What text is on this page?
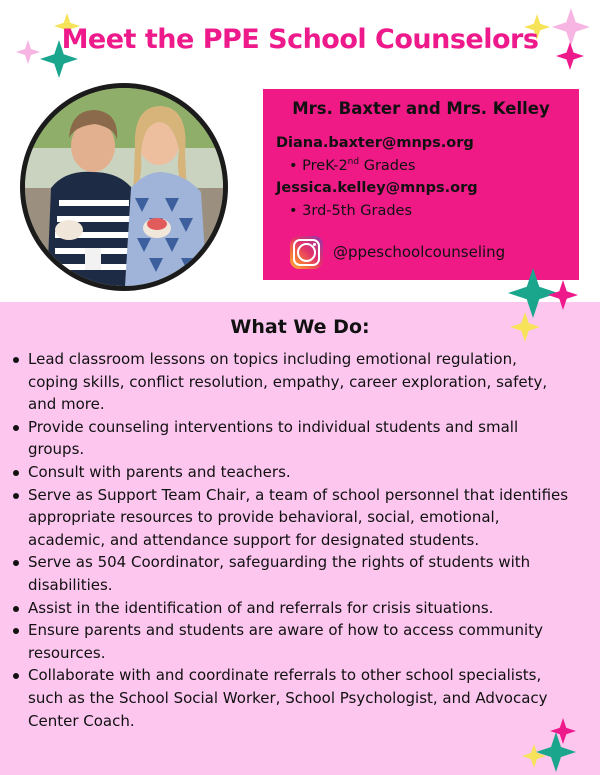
Meet the PPE School Counselors
Mrs. Baxter and Mrs. Kelley
Diana.baxter@mnps.org
• PreK-2nd Grades
Jessica.kelley@mnps.org
• 3rd-5th Grades
@ppeschoolcounseling
What We Do:
Lead classroom lessons on topics including emotional regulation, coping skills, conflict resolution, empathy, career exploration, safety, and more.
Provide counseling interventions to individual students and small groups.
Consult with parents and teachers.
Serve as Support Team Chair, a team of school personnel that identifies appropriate resources to provide behavioral, social, emotional, academic, and attendance support for designated students.
Serve as 504 Coordinator, safeguarding the rights of students with disabilities.
Assist in the identification of and referrals for crisis situations.
Ensure parents and students are aware of how to access community resources.
Collaborate with and coordinate referrals to other school specialists, such as the School Social Worker, School Psychologist, and Advocacy Center Coach.
